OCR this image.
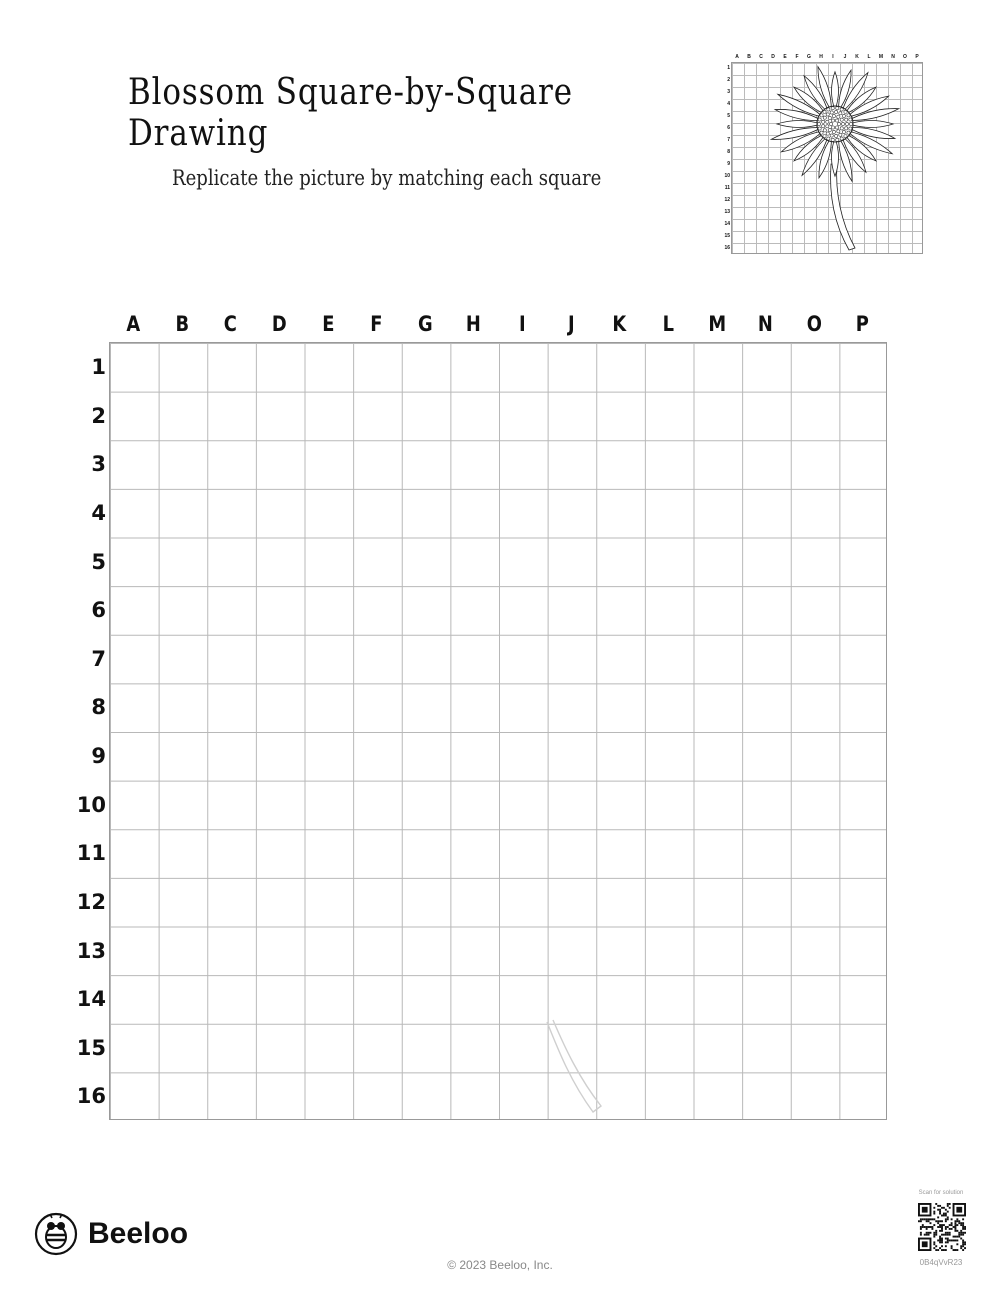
Blossom Square-by-Square Drawing
Replicate the picture by matching each square
A	B	C	D	E	F	G	H	I	J	K	L	M	N	O	P
1
2
3
4
5
6
7
8
9
10
11
12
13
14
15
16
A	B	C	D	E	F	G	H	I	J	K	L	M	N	O	P
1
2
3
4
5
6
7
8
9
10
11
12
13
14
15
16
Beeloo
© 2023 Beeloo, Inc.
Scan for solution
0B4qVvR23
